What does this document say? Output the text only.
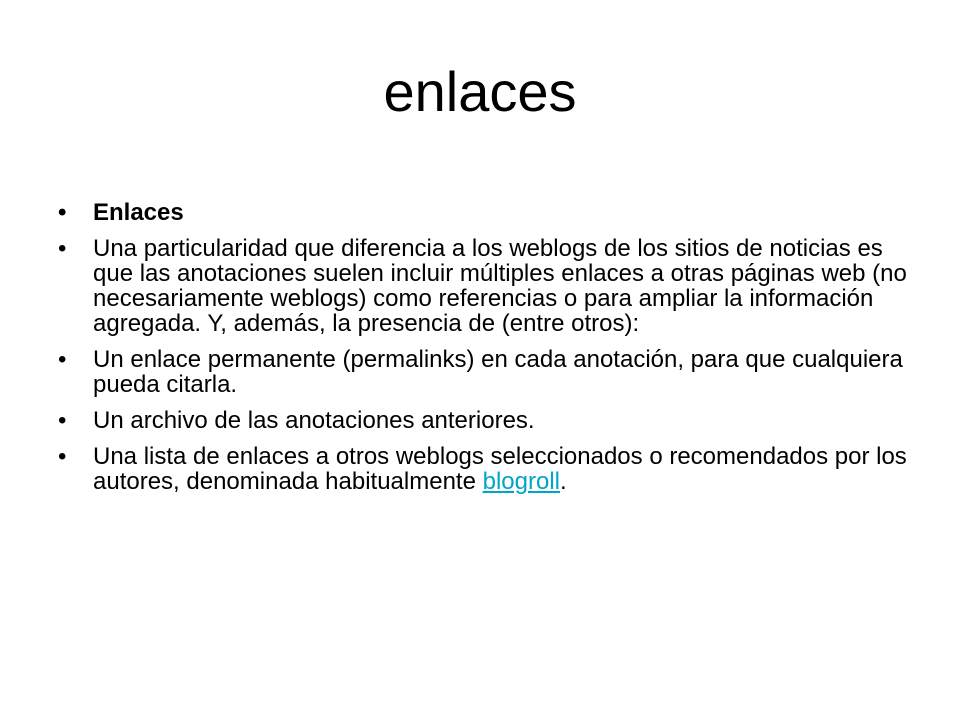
enlaces
•	Enlaces
•	Una particularidad que diferencia a los weblogs de los sitios de noticias es que las anotaciones suelen incluir múltiples enlaces a otras páginas web (no necesariamente weblogs) como referencias o para ampliar la información agregada. Y, además, la presencia de (entre otros):
•	Un enlace permanente (permalinks) en cada anotación, para que cualquiera pueda citarla.
•	Un archivo de las anotaciones anteriores.
•	Una lista de enlaces a otros weblogs seleccionados o recomendados por los autores, denominada habitualmente blogroll.
